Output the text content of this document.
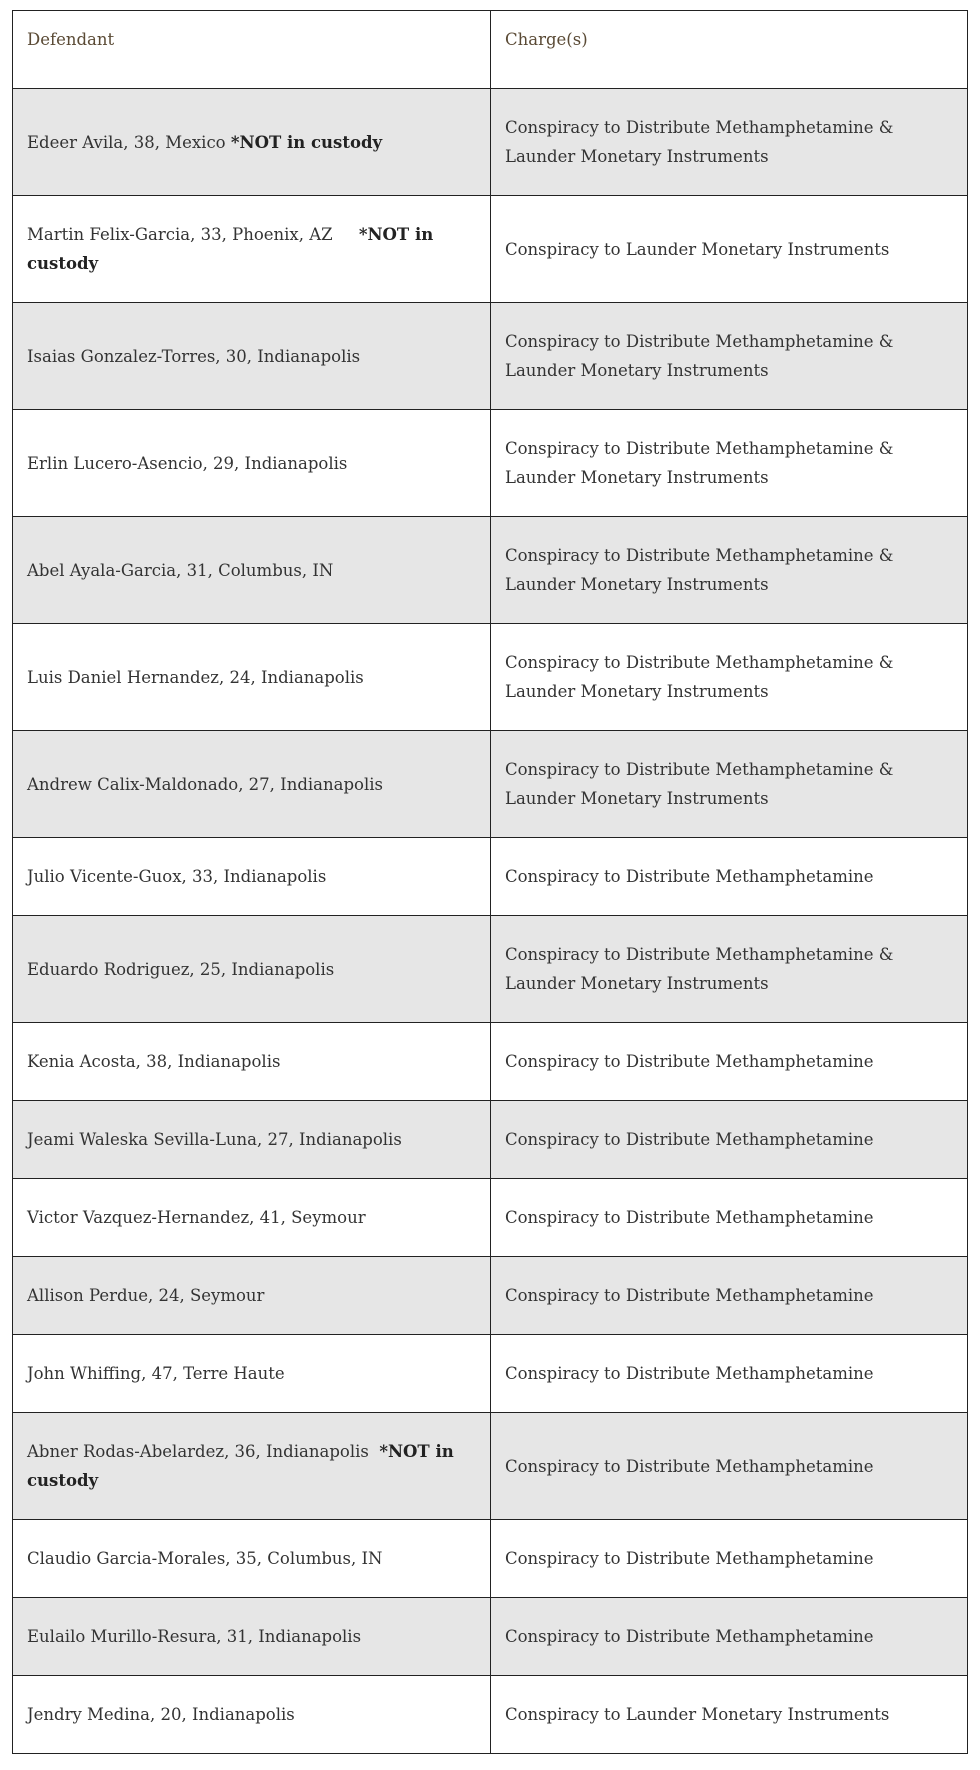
Defendant	Charge(s)
Edeer Avila, 38, Mexico *NOT in custody	Conspiracy to Distribute Methamphetamine & Launder Monetary Instruments
Martin Felix-Garcia, 33, Phoenix, AZ *NOT in custody	Conspiracy to Launder Monetary Instruments
Isaias Gonzalez-Torres, 30, Indianapolis	Conspiracy to Distribute Methamphetamine & Launder Monetary Instruments
Erlin Lucero-Asencio, 29, Indianapolis	Conspiracy to Distribute Methamphetamine & Launder Monetary Instruments
Abel Ayala-Garcia, 31, Columbus, IN	Conspiracy to Distribute Methamphetamine & Launder Monetary Instruments
Luis Daniel Hernandez, 24, Indianapolis	Conspiracy to Distribute Methamphetamine & Launder Monetary Instruments
Andrew Calix-Maldonado, 27, Indianapolis	Conspiracy to Distribute Methamphetamine & Launder Monetary Instruments
Julio Vicente-Guox, 33, Indianapolis	Conspiracy to Distribute Methamphetamine
Eduardo Rodriguez, 25, Indianapolis	Conspiracy to Distribute Methamphetamine & Launder Monetary Instruments
Kenia Acosta, 38, Indianapolis	Conspiracy to Distribute Methamphetamine
Jeami Waleska Sevilla-Luna, 27, Indianapolis	Conspiracy to Distribute Methamphetamine
Victor Vazquez-Hernandez, 41, Seymour	Conspiracy to Distribute Methamphetamine
Allison Perdue, 24, Seymour	Conspiracy to Distribute Methamphetamine
John Whiffing, 47, Terre Haute	Conspiracy to Distribute Methamphetamine
Abner Rodas-Abelardez, 36, Indianapolis *NOT in custody	Conspiracy to Distribute Methamphetamine
Claudio Garcia-Morales, 35, Columbus, IN	Conspiracy to Distribute Methamphetamine
Eulailo Murillo-Resura, 31, Indianapolis	Conspiracy to Distribute Methamphetamine
Jendry Medina, 20, Indianapolis	Conspiracy to Launder Monetary Instruments
